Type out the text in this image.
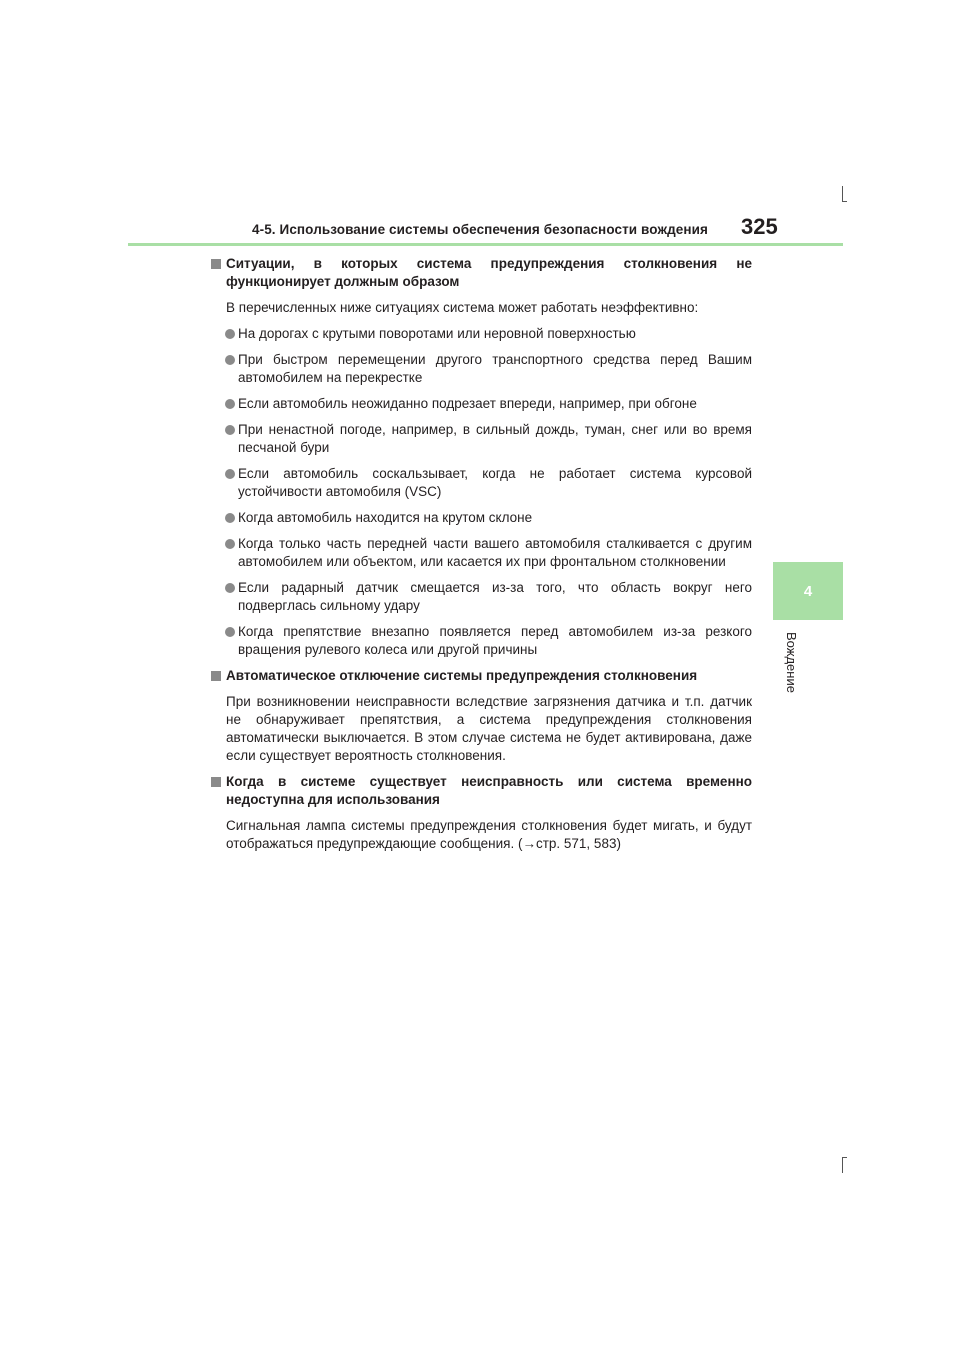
4-5. Использование системы обеспечения безопасности вождения 325
4
Вождение
Ситуации, в которых система предупреждения столкновения не функционирует должным образом
В перечисленных ниже ситуациях система может работать неэффективно:
На дорогах с крутыми поворотами или неровной поверхностью
При быстром перемещении другого транспортного средства перед Вашим автомобилем на перекрестке
Если автомобиль неожиданно подрезает впереди, например, при обгоне
При ненастной погоде, например, в сильный дождь, туман, снег или во время песчаной бури
Если автомобиль соскальзывает, когда не работает система курсовой устойчивости автомобиля (VSC)
Когда автомобиль находится на крутом склоне
Когда только часть передней части вашего автомобиля сталкивается с другим автомобилем или объектом, или касается их при фронтальном столкновении
Если радарный датчик смещается из-за того, что область вокруг него подверглась сильному удару
Когда препятствие внезапно появляется перед автомобилем из-за резкого вращения рулевого колеса или другой причины
Автоматическое отключение системы предупреждения столкновения
При возникновении неисправности вследствие загрязнения датчика и т.п. датчик не обнаруживает препятствия, а система предупреждения столкновения автоматически выключается. В этом случае система не будет активирована, даже если существует вероятность столкновения.
Когда в системе существует неисправность или система временно недоступна для использования
Сигнальная лампа системы предупреждения столкновения будет мигать, и будут отображаться предупреждающие сообщения. (→стр. 571, 583)
